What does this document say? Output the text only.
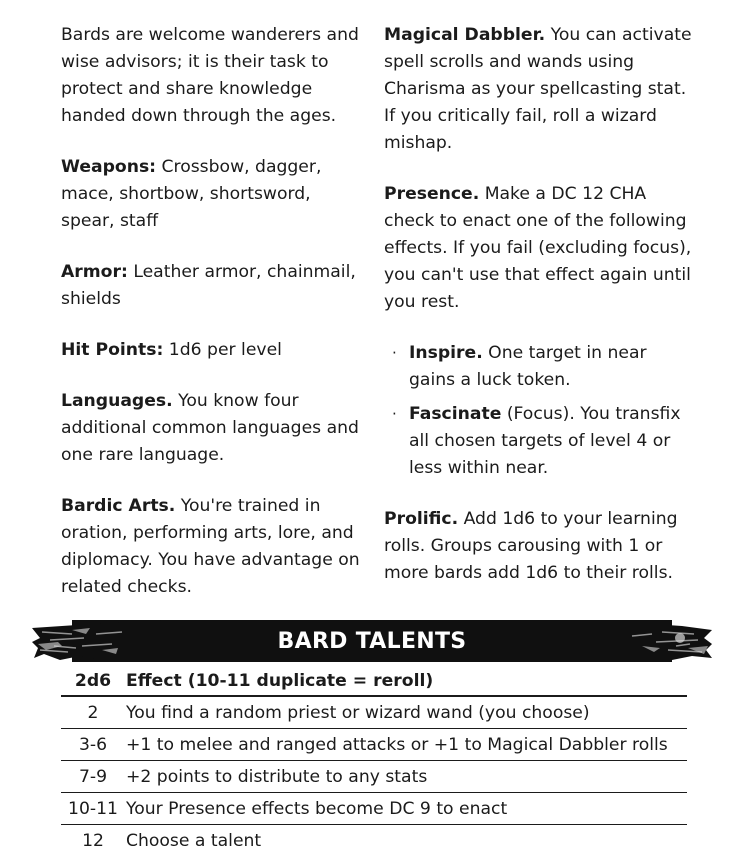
Bards are welcome wanderers and wise advisors; it is their task to protect and share knowledge handed down through the ages.

Weapons: Crossbow, dagger, mace, shortbow, shortsword, spear, staff

Armor: Leather armor, chainmail, shields

Hit Points: 1d6 per level

Languages. You know four additional common languages and one rare language.

Bardic Arts. You're trained in oration, performing arts, lore, and diplomacy. You have advantage on related checks.

Magical Dabbler. You can activate spell scrolls and wands using Charisma as your spellcasting stat. If you critically fail, roll a wizard mishap.

Presence. Make a DC 12 CHA check to enact one of the following effects. If you fail (excluding focus), you can't use that effect again until you rest.

· Inspire. One target in near gains a luck token.
· Fascinate (Focus). You transfix all chosen targets of level 4 or less within near.

Prolific. Add 1d6 to your learning rolls. Groups carousing with 1 or more bards add 1d6 to their rolls.

BARD TALENTS
2d6	Effect (10-11 duplicate = reroll)
2	You find a random priest or wizard wand (you choose)
3-6	+1 to melee and ranged attacks or +1 to Magical Dabbler rolls
7-9	+2 points to distribute to any stats
10-11	Your Presence effects become DC 9 to enact
12	Choose a talent
